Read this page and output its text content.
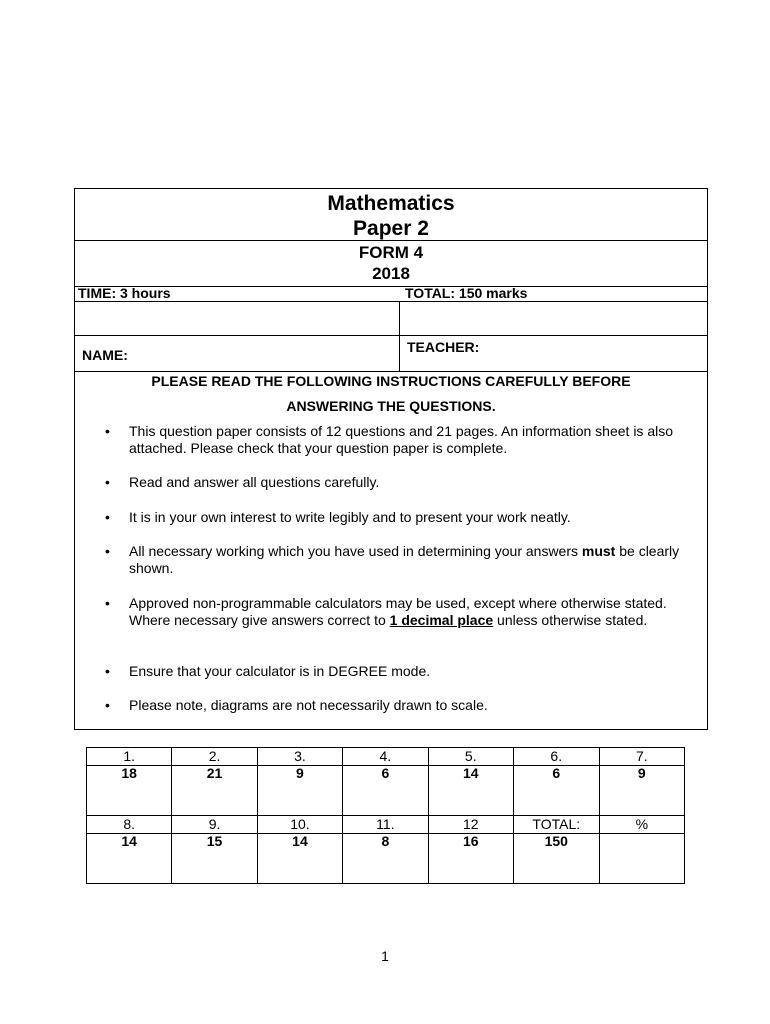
Mathematics
Paper 2
FORM 4
2018
TIME: 3 hours	TOTAL: 150 marks
NAME:	TEACHER:
PLEASE READ THE FOLLOWING INSTRUCTIONS CAREFULLY BEFORE
ANSWERING THE QUESTIONS.
• This question paper consists of 12 questions and 21 pages. An information sheet is also attached. Please check that your question paper is complete.
• Read and answer all questions carefully.
• It is in your own interest to write legibly and to present your work neatly.
• All necessary working which you have used in determining your answers must be clearly shown.
• Approved non-programmable calculators may be used, except where otherwise stated. Where necessary give answers correct to 1 decimal place unless otherwise stated.
• Ensure that your calculator is in DEGREE mode.
• Please note, diagrams are not necessarily drawn to scale.
1.	2.	3.	4.	5.	6.	7.
18	21	9	6	14	6	9

8.	9.	10.	11.	12	TOTAL:	%
14	15	14	8	16	150	

1
